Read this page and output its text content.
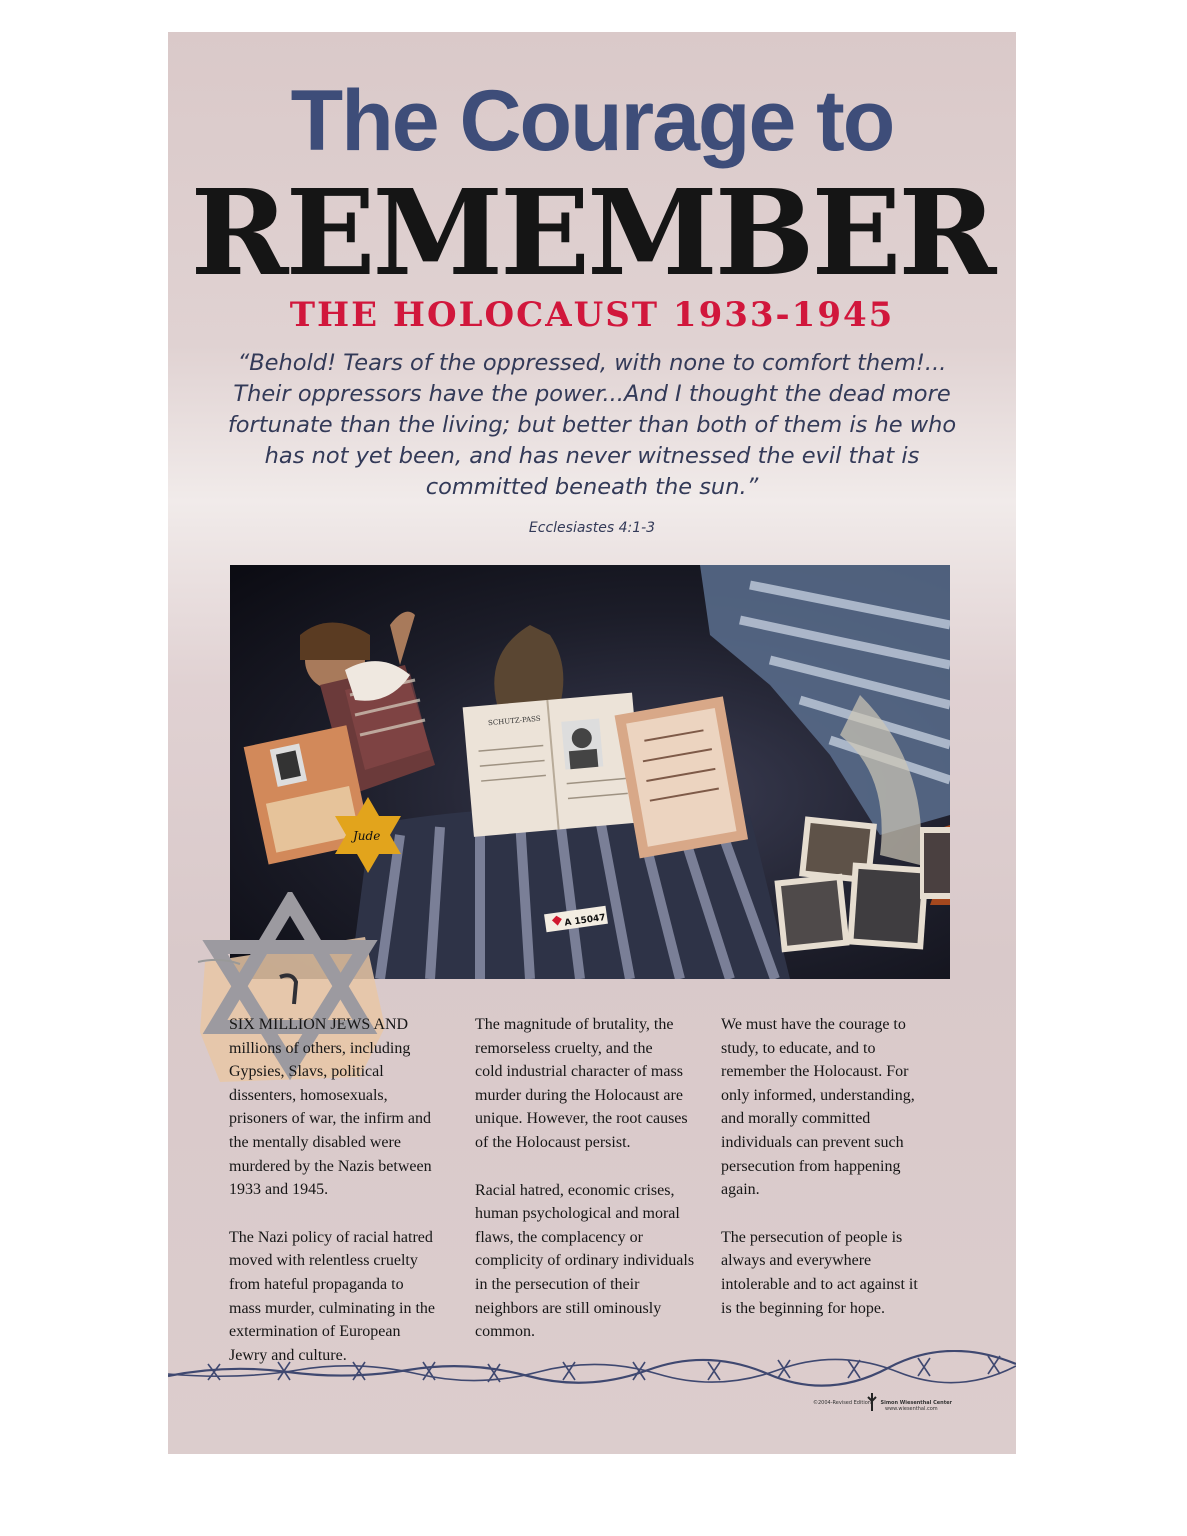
The Courage to
REMEMBER
THE HOLOCAUST 1933-1945
“Behold! Tears of the oppressed, with none to comfort them!...
Their oppressors have the power...And I thought the dead more
fortunate than the living; but better than both of them is he who
has not yet been, and has never witnessed the evil that is
committed beneath the sun.”
Ecclesiastes 4:1-3
A 15047
Jude
SCHUTZ-PASS

SIX MILLION JEWS AND
millions of others, including
Gypsies, Slavs, political
dissenters, homosexuals,
prisoners of war, the infirm and
the mentally disabled were
murdered by the Nazis between
1933 and 1945.

The Nazi policy of racial hatred
moved with relentless cruelty
from hateful propaganda to
mass murder, culminating in the
extermination of European
Jewry and culture.

The magnitude of brutality, the
remorseless cruelty, and the
cold industrial character of mass
murder during the Holocaust are
unique. However, the root causes
of the Holocaust persist.

Racial hatred, economic crises,
human psychological and moral
flaws, the complacency or
complicity of ordinary individuals
in the persecution of their
neighbors are still ominously
common.

We must have the courage to
study, to educate, and to
remember the Holocaust. For
only informed, understanding,
and morally committed
individuals can prevent such
persecution from happening
again.

The persecution of people is
always and everywhere
intolerable and to act against it
is the beginning for hope.

©2004-Revised Edition Simon Wiesenthal Center
www.wiesenthal.com
